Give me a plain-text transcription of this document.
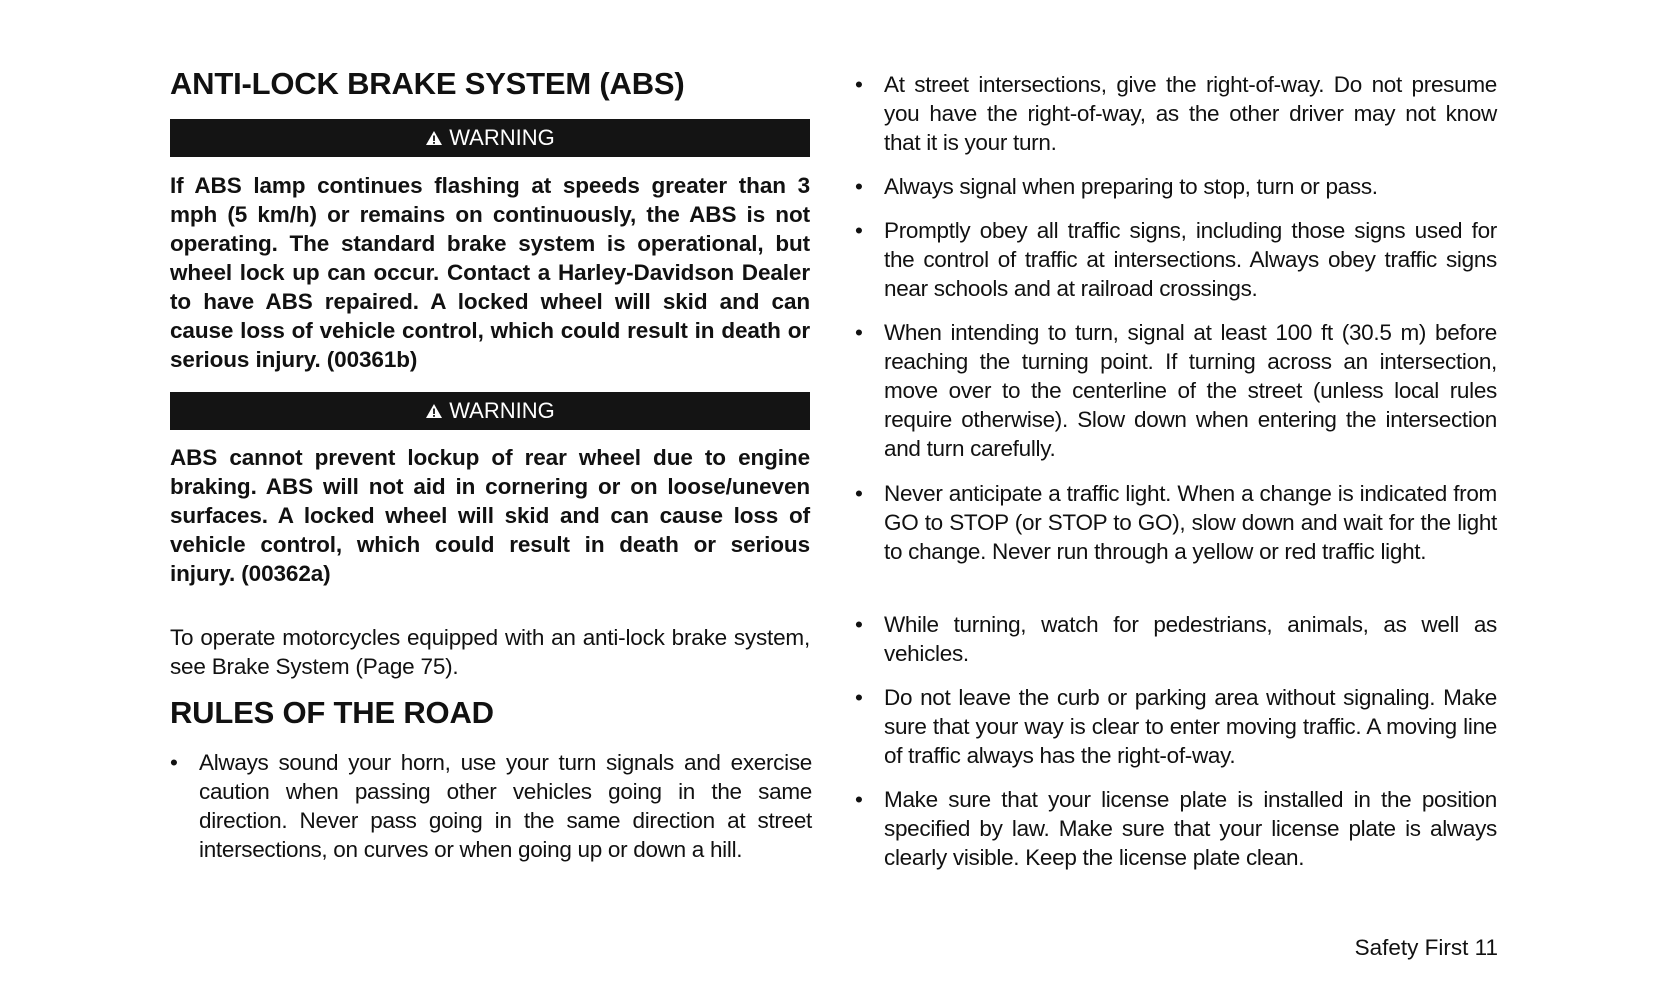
ANTI-LOCK BRAKE SYSTEM (ABS)
WARNING
If ABS lamp continues flashing at speeds greater than 3 mph (5 km/h) or remains on continuously, the ABS is not operating. The standard brake system is operational, but wheel lock up can occur. Contact a Harley-Davidson Dealer to have ABS repaired. A locked wheel will skid and can cause loss of vehicle control, which could result in death or serious injury. (00361b)
WARNING
ABS cannot prevent lockup of rear wheel due to engine braking. ABS will not aid in cornering or on loose/uneven surfaces. A locked wheel will skid and can cause loss of vehicle control, which could result in death or serious injury. (00362a)
To operate motorcycles equipped with an anti-lock brake system, see Brake System (Page 75).
RULES OF THE ROAD
• Always sound your horn, use your turn signals and exercise caution when passing other vehicles going in the same direction. Never pass going in the same direction at street intersections, on curves or when going up or down a hill.
• At street intersections, give the right-of-way. Do not presume you have the right-of-way, as the other driver may not know that it is your turn.
• Always signal when preparing to stop, turn or pass.
• Promptly obey all traffic signs, including those signs used for the control of traffic at intersections. Always obey traffic signs near schools and at railroad crossings.
• When intending to turn, signal at least 100 ft (30.5 m) before reaching the turning point. If turning across an intersection, move over to the centerline of the street (unless local rules require otherwise). Slow down when entering the intersection and turn carefully.
• Never anticipate a traffic light. When a change is indicated from GO to STOP (or STOP to GO), slow down and wait for the light to change. Never run through a yellow or red traffic light.
• While turning, watch for pedestrians, animals, as well as vehicles.
• Do not leave the curb or parking area without signaling. Make sure that your way is clear to enter moving traffic. A moving line of traffic always has the right-of-way.
• Make sure that your license plate is installed in the position specified by law. Make sure that your license plate is always clearly visible. Keep the license plate clean.
Safety First 11
